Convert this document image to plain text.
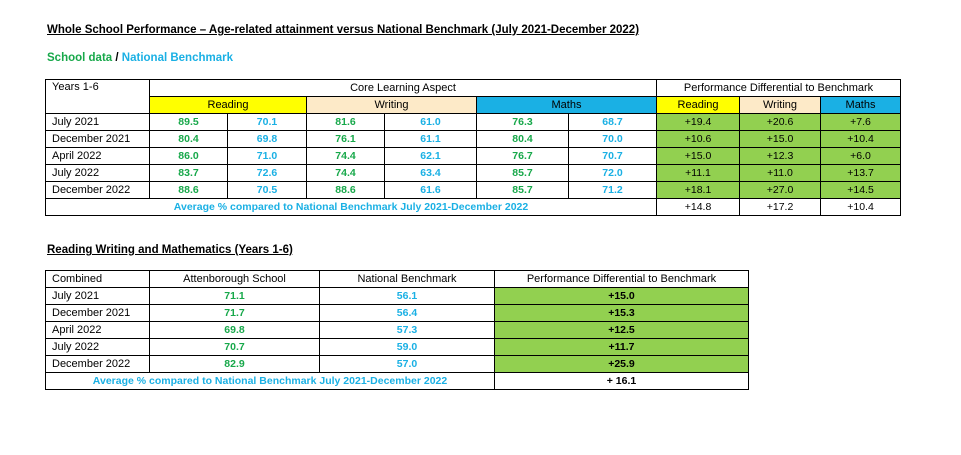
Whole School Performance – Age-related attainment versus National Benchmark (July 2021-December 2022)
School data / National Benchmark
Years 1-6	Core Learning Aspect						Performance Differential to Benchmark		
	Reading		Writing		Maths		Reading	Writing	Maths
July 2021	89.5	70.1	81.6	61.0	76.3	68.7	+19.4	+20.6	+7.6
December 2021	80.4	69.8	76.1	61.1	80.4	70.0	+10.6	+15.0	+10.4
April 2022	86.0	71.0	74.4	62.1	76.7	70.7	+15.0	+12.3	+6.0
July 2022	83.7	72.6	74.4	63.4	85.7	72.0	+11.1	+11.0	+13.7
December 2022	88.6	70.5	88.6	61.6	85.7	71.2	+18.1	+27.0	+14.5
Average % compared to National Benchmark July 2021-December 2022							+14.8	+17.2	+10.4
Reading Writing and Mathematics (Years 1-6)
Combined	Attenborough School	National Benchmark	Performance Differential to Benchmark
July 2021	71.1	56.1	+15.0
December 2021	71.7	56.4	+15.3
April 2022	69.8	57.3	+12.5
July 2022	70.7	59.0	+11.7
December 2022	82.9	57.0	+25.9
Average % compared to National Benchmark July 2021-December 2022			+ 16.1
